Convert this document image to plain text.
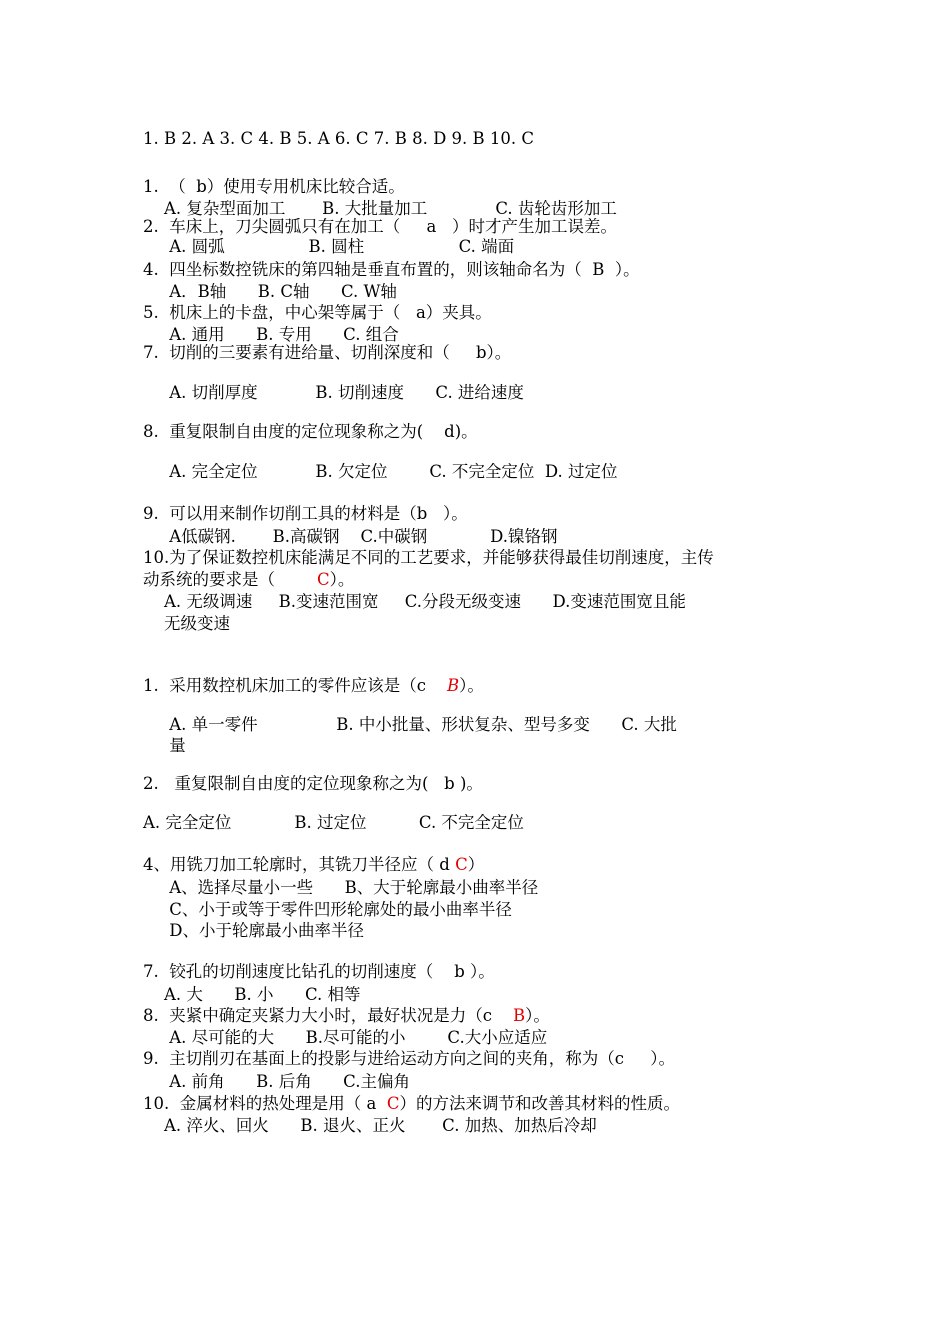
1. B 2. A 3. C 4. B 5. A 6. C 7. B 8. D 9. B 10. C
1.  （  b）使用专用机床比较合适。
A. 复杂型面加工       B. 大批量加工             C. 齿轮齿形加工
2.  车床上，刀尖圆弧只有在加工（     a   ）时才产生加工误差。
A. 圆弧                B. 圆柱                  C. 端面
4.  四坐标数控铣床的第四轴是垂直布置的，则该轴命名为（  B  ）。
A．B轴      B. C轴      C. W轴
5.  机床上的卡盘，中心架等属于（   a）夹具。
A. 通用      B. 专用      C. 组合
7.  切削的三要素有进给量、切削深度和（     b）。
A. 切削厚度           B. 切削速度      C. 进给速度
8.  重复限制自由度的定位现象称之为(    d)。
A. 完全定位           B. 欠定位        C. 不完全定位  D. 过定位
9.  可以用来制作切削工具的材料是（b   ）。
A低碳钢.       B.高碳钢    C.中碳钢            D.镍铬钢
10.为了保证数控机床能满足不同的工艺要求，并能够获得最佳切削速度，主传
动系统的要求是（        C）。
A. 无级调速     B.变速范围宽     C.分段无级变速      D.变速范围宽且能
无级变速
1.  采用数控机床加工的零件应该是（c    B）。
A. 单一零件               B. 中小批量、形状复杂、型号多变      C. 大批
量
2.   重复限制自由度的定位现象称之为(   b )。
A. 完全定位            B. 过定位          C. 不完全定位
4、用铣刀加工轮廓时，其铣刀半径应（ d C）
A、选择尽量小一些      B、大于轮廓最小曲率半径
C、小于或等于零件凹形轮廓处的最小曲率半径
D、小于轮廓最小曲率半径
7.  铰孔的切削速度比钻孔的切削速度（    b ）。
A. 大      B. 小      C. 相等
8.  夹紧中确定夹紧力大小时，最好状况是力（c    B）。
A. 尽可能的大      B.尽可能的小        C.大小应适应
9.  主切削刃在基面上的投影与进给运动方向之间的夹角，称为（c     ）。
A. 前角      B. 后角      C.主偏角
10.  金属材料的热处理是用（ a  C）的方法来调节和改善其材料的性质。
A. 淬火、回火      B. 退火、正火       C. 加热、加热后冷却
